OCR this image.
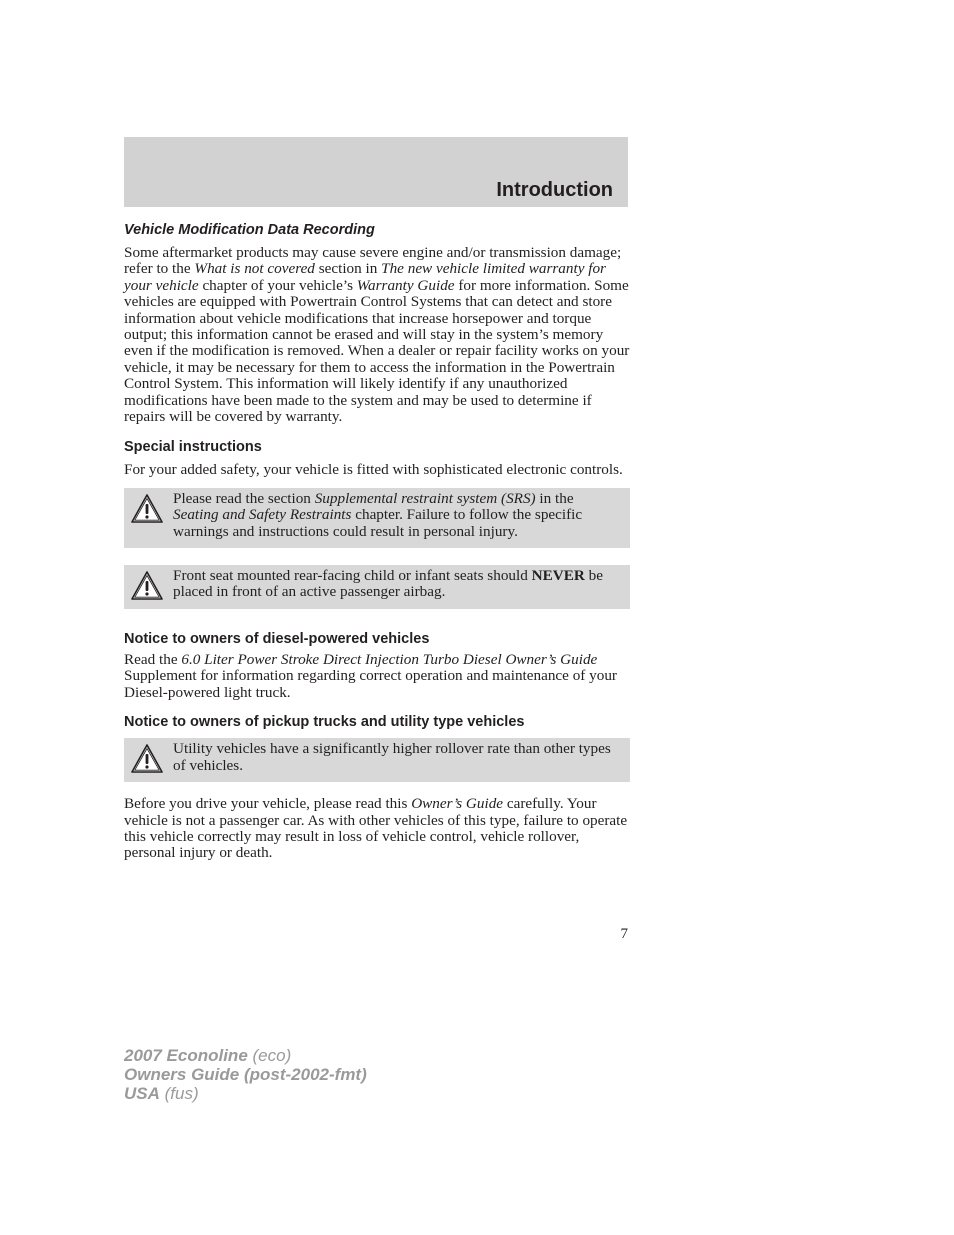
Introduction
Vehicle Modification Data Recording

Some aftermarket products may cause severe engine and/or transmission damage; refer to the What is not covered section in The new vehicle limited warranty for your vehicle chapter of your vehicle’s Warranty Guide for more information. Some vehicles are equipped with Powertrain Control Systems that can detect and store information about vehicle modifications that increase horsepower and torque output; this information cannot be erased and will stay in the system’s memory even if the modification is removed. When a dealer or repair facility works on your vehicle, it may be necessary for them to access the information in the Powertrain Control System. This information will likely identify if any unauthorized modifications have been made to the system and may be used to determine if repairs will be covered by warranty.

Special instructions

For your added safety, your vehicle is fitted with sophisticated electronic controls.

Please read the section Supplemental restraint system (SRS) in the Seating and Safety Restraints chapter. Failure to follow the specific warnings and instructions could result in personal injury.
Front seat mounted rear-facing child or infant seats should NEVER be placed in front of an active passenger airbag.
Notice to owners of diesel-powered vehicles

Read the 6.0 Liter Power Stroke Direct Injection Turbo Diesel Owner’s Guide Supplement for information regarding correct operation and maintenance of your Diesel-powered light truck.

Notice to owners of pickup trucks and utility type vehicles
Utility vehicles have a significantly higher rollover rate than other types of vehicles.

Before you drive your vehicle, please read this Owner’s Guide carefully. Your vehicle is not a passenger car. As with other vehicles of this type, failure to operate this vehicle correctly may result in loss of vehicle control, vehicle rollover, personal injury or death.

7
2007 Econoline (eco)
Owners Guide (post-2002-fmt)
USA (fus)
